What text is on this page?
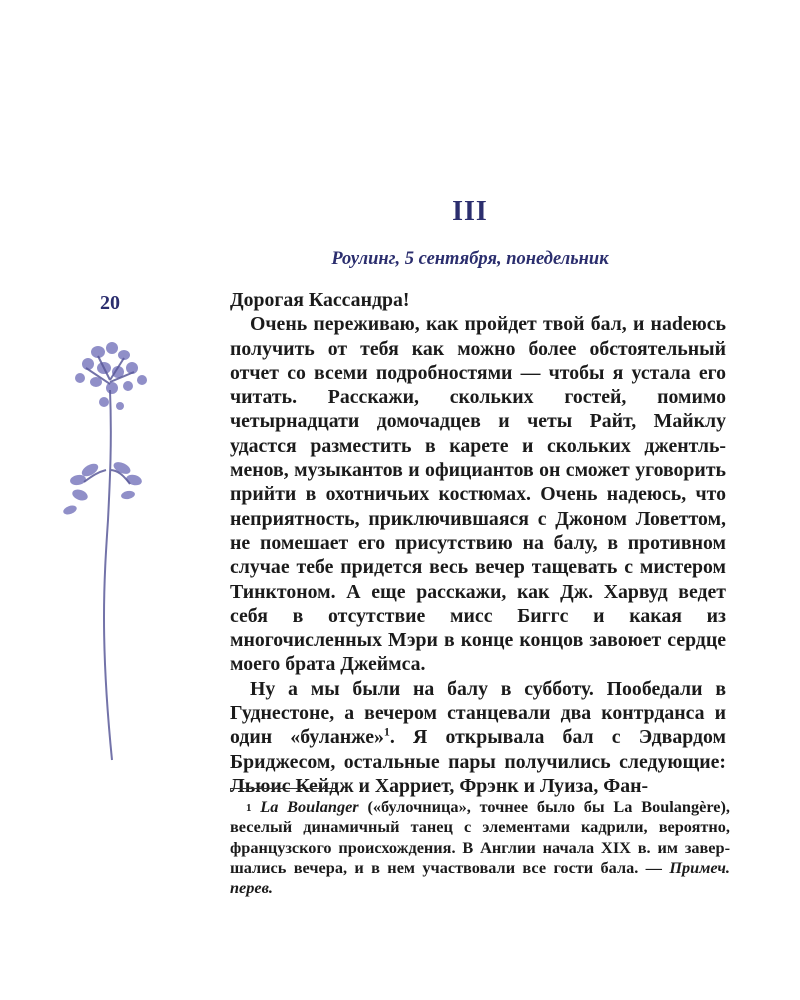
III
Роулинг, 5 сентября, понедельник
20	Дорогая Кассандра!

Очень переживаю, как пройдет твой бал, и наdеюсь получить от тебя как можно более обстоятельный отчет со всеми подробностями — чтобы я устала его читать. Расскажи, скольких гостей, помимо четырнадцати домочадцев и четы Райт, Майклу удастся разместить в карете и скольких джентльменов, музыкантов и официантов он сможет уговорить прийти в охотничьих костюмах. Очень надеюсь, что неприятность, приключившаяся с Джоном Ловеттом, не помешает его присутствию на балу, в противном случае тебе придется весь вечер тащевать с мистером Тинктоном. А еще расскажи, как Дж. Харвуд ведет себя в отсутствие мисс Биггс и какая из многочисленных Мэри в конце концов завоюет сердце моего брата Джеймса.

Ну а мы были на балу в субботу. Пообедали в Гуднестоне, а вечером станцевали два контрданса и один «буланже»$^1$. Я открывала бал с Эдвардом Бриджесом, остальные пары получились следующие: Льюис Кейдж и Харриет, Фрэнк и Луиза, Фан-

$^1$ La Boulanger («булочница», точнее было бы La Boulangère), веселый динамичный танец с элементами кадрили, вероятно, французского происхождения. В Англии начала XIX в. им завершались вечера, и в нем участвовали все гости бала. — Примеч. перев.
